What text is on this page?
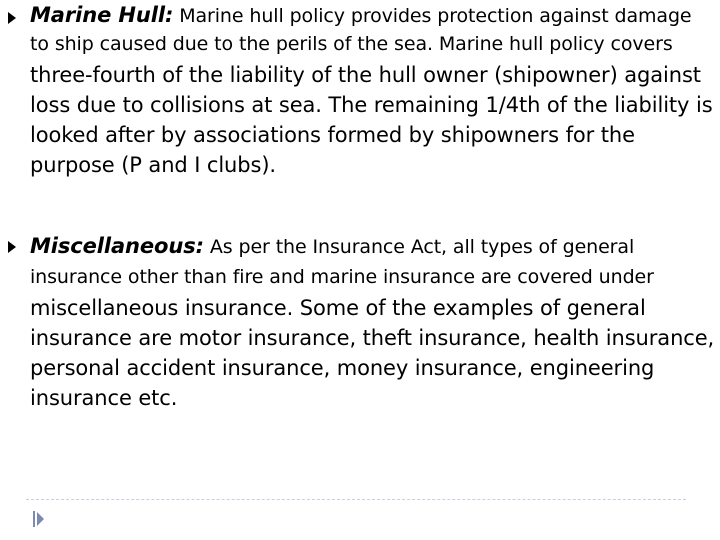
Marine Hull: Marine hull policy provides protection against damage
to ship caused due to the perils of the sea. Marine hull policy covers
three-fourth of the liability of the hull owner (shipowner) against
loss due to collisions at sea. The remaining 1/4th of the liability is
looked after by associations formed by shipowners for the
purpose (P and I clubs).

Miscellaneous: As per the Insurance Act, all types of general
insurance other than fire and marine insurance are covered under
miscellaneous insurance. Some of the examples of general
insurance are motor insurance, theft insurance, health insurance,
personal accident insurance, money insurance, engineering
insurance etc.
